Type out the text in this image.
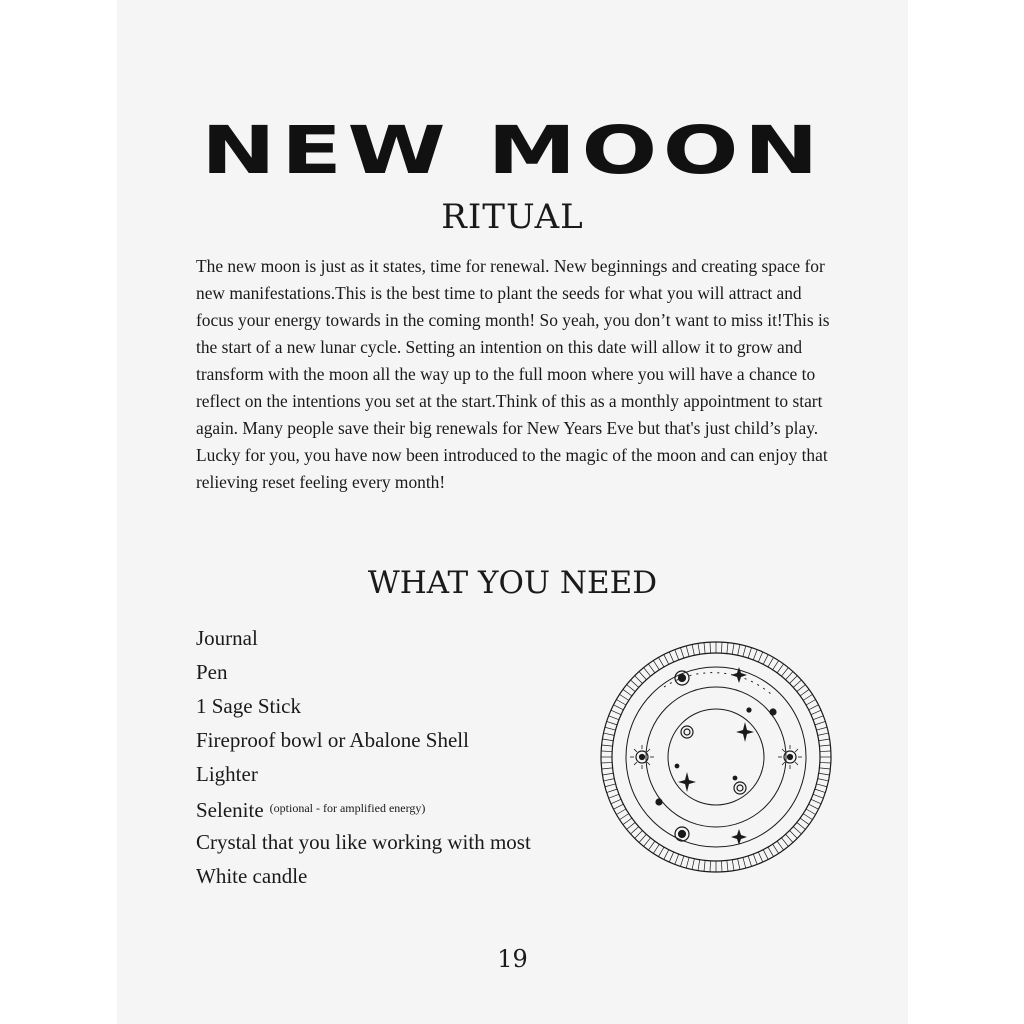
NEW MOON
RITUAL

The new moon is just as it states, time for renewal. New beginnings and creating space for new manifestations.This is the best time to plant the seeds for what you will attract and focus your energy towards in the coming month! So yeah, you don’t want to miss it!This is the start of a new lunar cycle. Setting an intention on this date will allow it to grow and transform with the moon all the way up to the full moon where you will have a chance to reflect on the intentions you set at the start.Think of this as a monthly appointment to start again. Many people save their big renewals for New Years Eve but that's just child’s play. Lucky for you, you have now been introduced to the magic of the moon and can enjoy that relieving reset feeling every month!

WHAT YOU NEED
Journal
Pen
1 Sage Stick
Fireproof bowl or Abalone Shell
Lighter
Selenite $^{(optional - for amplified energy)}$
Crystal that you like working with most
White candle
19
